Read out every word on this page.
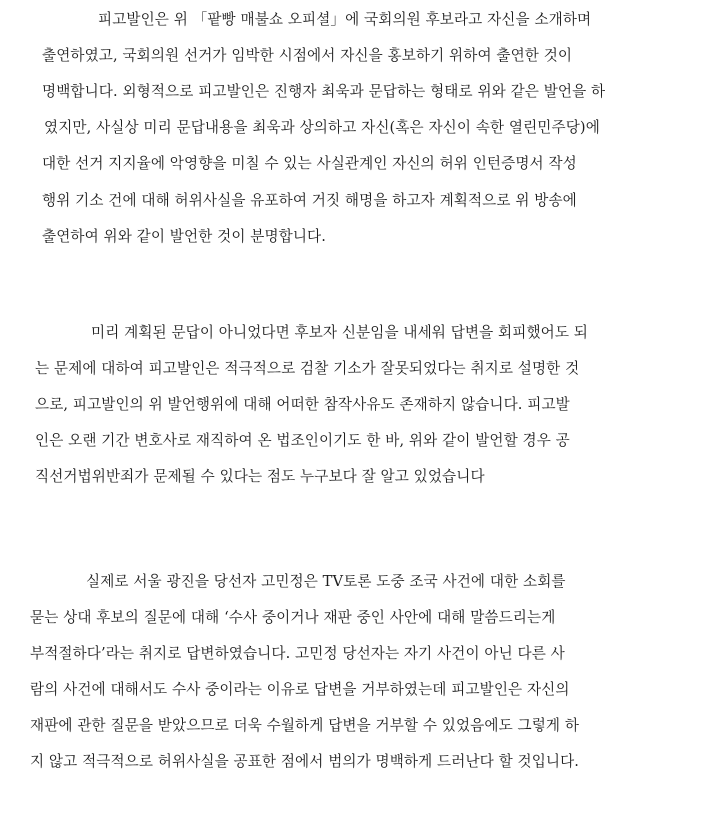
피고발인은 위 「팥빵 매불쇼 오피셜」에 국회의원 후보라고 자신을 소개하며
출연하였고, 국회의원 선거가 임박한 시점에서 자신을 홍보하기 위하여 출연한 것이
명백합니다. 외형적으로 피고발인은 진행자 최욱과 문답하는 형태로 위와 같은 발언을 하
였지만, 사실상 미리 문답내용을 최욱과 상의하고 자신(혹은 자신이 속한 열린민주당)에
대한 선거 지지율에 악영향을 미칠 수 있는 사실관계인 자신의 허위 인턴증명서 작성
행위 기소 건에 대해 허위사실을 유포하여 거짓 해명을 하고자 계획적으로 위 방송에
출연하여 위와 같이 발언한 것이 분명합니다.
미리 계획된 문답이 아니었다면 후보자 신분임을 내세워 답변을 회피했어도 되
는 문제에 대하여 피고발인은 적극적으로 검찰 기소가 잘못되었다는 취지로 설명한 것
으로, 피고발인의 위 발언행위에 대해 어떠한 참작사유도 존재하지 않습니다. 피고발
인은 오랜 기간 변호사로 재직하여 온 법조인이기도 한 바, 위와 같이 발언할 경우 공
직선거법위반죄가 문제될 수 있다는 점도 누구보다 잘 알고 있었습니다
실제로 서울 광진을 당선자 고민정은 TV토론 도중 조국 사건에 대한 소회를
묻는 상대 후보의 질문에 대해 ‘수사 중이거나 재판 중인 사안에 대해 말씀드리는게
부적절하다’라는 취지로 답변하였습니다. 고민정 당선자는 자기 사건이 아닌 다른 사
람의 사건에 대해서도 수사 중이라는 이유로 답변을 거부하였는데 피고발인은 자신의
재판에 관한 질문을 받았으므로 더욱 수월하게 답변을 거부할 수 있었음에도 그렇게 하
지 않고 적극적으로 허위사실을 공표한 점에서 범의가 명백하게 드러난다 할 것입니다.
